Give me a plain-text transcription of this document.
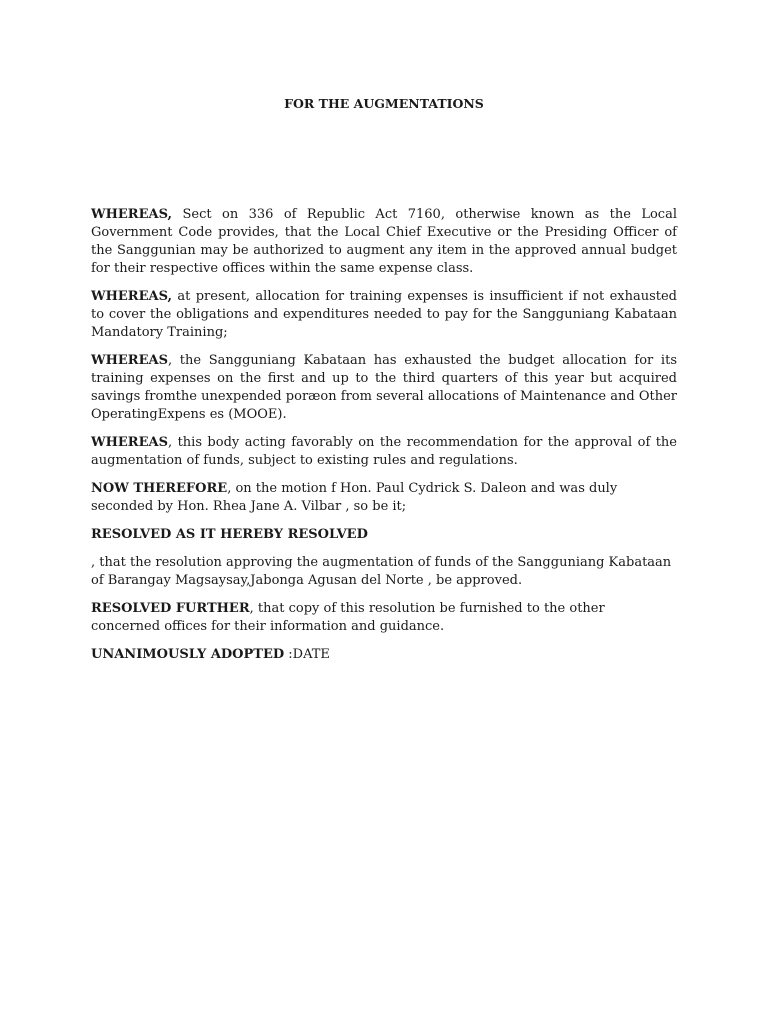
FOR THE AUGMENTATIONS

WHEREAS, Sect on 336 of Republic Act 7160, otherwise known as the Local Government Code provides, that the Local Chief Executive or the Presiding Officer of the Sanggunian may be authorized to augment any item in the approved annual budget for their respective offices within the same expense class.

WHEREAS, at present, allocation for training expenses is insufficient if not exhausted to cover the obligations and expenditures needed to pay for the Sangguniang Kabataan Mandatory Training;

WHEREAS, the Sangguniang Kabataan has exhausted the budget allocation for its training expenses on the first and up to the third quarters of this year but acquired savings fromthe unexpended poræon from several allocations of Maintenance and Other OperatingExpens es (MOOE).

WHEREAS, this body acting favorably on the recommendation for the approval of the augmentation of funds, subject to existing rules and regulations.

NOW THEREFORE, on the motion f Hon. Paul Cydrick S. Daleon and was duly seconded by Hon. Rhea Jane A. Vilbar , so be it;

RESOLVED AS IT HEREBY RESOLVED

, that the resolution approving the augmentation of funds of the Sangguniang Kabataan of Barangay Magsaysay,Jabonga Agusan del Norte , be approved.

RESOLVED FURTHER, that copy of this resolution be furnished to the other concerned offices for their information and guidance.

UNANIMOUSLY ADOPTED :DATE
